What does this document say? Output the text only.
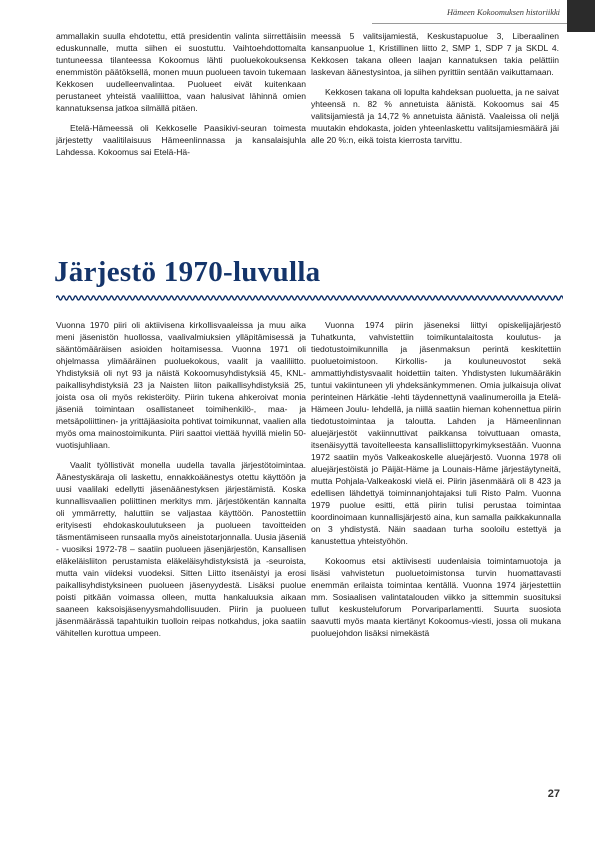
Hämeen Kokoomuksen historiikki

ammallakin suulla ehdotettu, että presidentin valinta siirrettäisiin eduskunnalle, mutta siihen ei suostuttu. Vaihtoehdottomalta tuntuneessa tilanteessa Kokoomus lähti puoluekokouksensa enemmistön päätöksellä, monen muun puolueen tavoin tukemaan Kekkosen uudelleenvalintaa. Puolueet eivät kuitenkaan perustaneet yhteistä vaaliliittoa, vaan halusivat lähinnä omien kannatuksensa jatkoa silmällä pitäen.

Etelä-Hämeessä oli Kekkoselle Paasikivi-seuran toimesta järjestetty vaalitilaisuus Hämeenlinnassa ja kansalaisjuhla Lahdessa. Kokoomus sai Etelä-Hä-

meessä 5 valitsijamiestä, Keskustapuolue 3, Liberaalinen kansanpuolue 1, Kristillinen liitto 2, SMP 1, SDP 7 ja SKDL 4. Kekkosen takana olleen laajan kannatuksen takia pelättiin laskevan äänestysintoa, ja siihen pyrittiin sentään vaikuttamaan.

Kekkosen takana oli lopulta kahdeksan puoluetta, ja ne saivat yhteensä n. 82 % annetuista äänistä. Kokoomus sai 45 valitsijamiestä ja 14,72 % annetuista äänistä. Vaaleissa oli neljä muutakin ehdokasta, joiden yhteenlaskettu valitsijamiesmäärä jäi alle 20 %:n, eikä toista kierrosta tarvittu.

Järjestö 1970-luvulla

Vuonna 1970 piiri oli aktiivisena kirkollisvaaleissa ja muu aika meni jäsenistön huollossa, vaalivalmiuksien ylläpitämisessä ja sääntömääräisen asioiden hoitamisessa. Vuonna 1971 oli ohjelmassa ylimääräinen puoluekokous, vaalit ja vaaliliitto. Yhdistyksiä oli nyt 93 ja näistä Kokoomusyhdistyksiä 45, KNL-paikallisyhdistyksiä 23 ja Naisten liiton paikallisyhdistyksiä 25, joista osa oli myös rekisteröity. Piirin tukena ahkeroivat monia jäseniä toimintaan osallistaneet toimihenkilö-, maa- ja metsäpoliittinen- ja yrittäjäasioita pohtivat toimikunnat, vaalien alla myös oma mainostoimikunta. Piiri saattoi viettää hyvillä mielin 50-vuotisjuhliaan.

Vaalit työllistivät monella uudella tavalla järjestötoimintaa. Äänestyskäraja oli laskettu, ennakkoäänestys otettu käyttöön ja uusi vaalilaki edellytti jäsenäänestyksen järjestämistä. Koska kunnallisvaalien poliittinen merkitys mm. järjestökentän kannalta oli ymmärretty, haluttiin se valjastaa käyttöön. Panostettiin erityisesti ehdokaskoulutukseen ja puolueen tavoitteiden täsmentämiseen runsaalla myös aineistotarjonnalla. Uusia jäseniä - vuosiksi 1972-78 – saatiin puolueen jäsenjärjestön, Kansallisen eläkeläisliiton perustamista eläkeläisyhdistyksistä ja -seuroista, mutta vain viideksi vuodeksi. Sitten Liitto itsenäistyi ja erosi paikallisyhdistyksineen puolueen jäsenyydestä. Lisäksi puolue poisti pitkään voimassa olleen, mutta hankaluuksia aikaan saaneen kaksoisjäsenyysmahdollisuuden. Piirin ja puolueen jäsenmäärässä tapahtuikin tuolloin reipas notkahdus, joka saatiin vähitellen kurottua umpeen.

Vuonna 1974 piirin jäseneksi liittyi opiskelijajärjestö Tuhatkunta, vahvistettiin toimikuntalaitosta koulutus- ja tiedotustoimikunnilla ja jäsenmaksun perintä keskitettiin puoluetoimistoon. Kirkollis- ja kouluneuvostot sekä ammattiyhdistysvaalit hoidettiin taiten. Yhdistysten lukumääräkin tuntui vakiintuneen yli yhdeksänkymmenen. Omia julkaisuja olivat perinteinen Härkätie -lehti täydennettynä vaalinumeroilla ja Etelä-Hämeen Joulu- lehdellä, ja niillä saatiin hieman kohennettua piirin tiedotustoimintaa ja taloutta. Lahden ja Hämeenlinnan aluejärjestöt vakiinnuttivat paikkansa toivuttuaan omasta, itsenäisyyttä tavoitelleesta kansallisliittopyrkimyksestään. Vuonna 1972 saatiin myös Valkeakoskelle aluejärjestö. Vuonna 1978 oli aluejärjestöistä jo Päijät-Häme ja Lounais-Häme järjestäytyneitä, mutta Pohjala-Valkeakoski vielä ei. Piirin jäsenmäärä oli 8 423 ja edellisen lähdettyä toiminnanjohtajaksi tuli Risto Palm. Vuonna 1979 puolue esitti, että piirin tulisi perustaa toimintaa koordinoimaan kunnallisjärjestö aina, kun samalla paikkakunnalla on 3 yhdistystä. Näin saadaan turha sooloilu estettyä ja kanustettua yhteistyöhön.

Kokoomus etsi aktiivisesti uudenlaisia toimintamuotoja ja lisäsi vahvistetun puoluetoimistonsa turvin huomattavasti enemmän erilaista toimintaa kentällä. Vuonna 1974 järjestettiin mm. Sosiaalisen valintatalouden viikko ja sittemmin suosituksi tullut keskusteluforum Porvariparlamentti. Suurta suosiota saavutti myös maata kiertänyt Kokoomus-viesti, jossa oli mukana puoluejohdon lisäksi nimekästä

27
